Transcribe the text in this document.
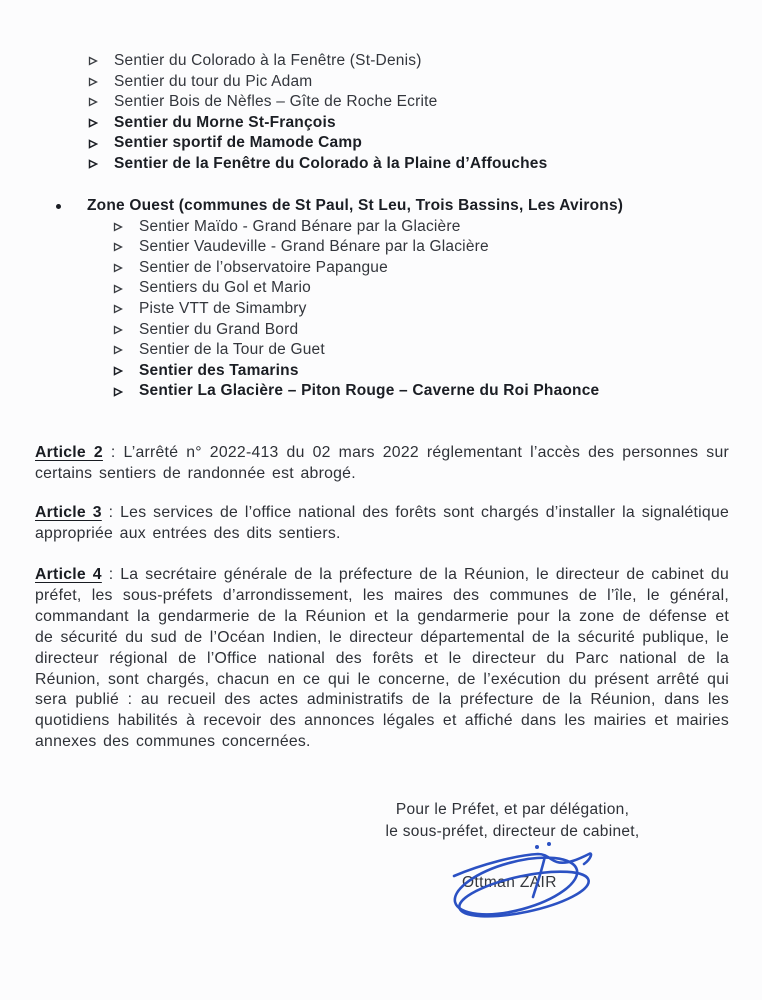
Sentier du Colorado à la Fenêtre (St-Denis)
Sentier du tour du Pic Adam
Sentier Bois de Nèfles – Gîte de Roche Ecrite
Sentier du Morne St-François
Sentier sportif de Mamode Camp
Sentier de la Fenêtre du Colorado à la Plaine d’Affouches
Zone Ouest (communes de St Paul, St Leu, Trois Bassins, Les Avirons)
Sentier Maïdo - Grand Bénare par la Glacière
Sentier Vaudeville - Grand Bénare par la Glacière
Sentier de l’observatoire Papangue
Sentiers du Gol et Mario
Piste VTT de Simambry
Sentier du Grand Bord
Sentier de la Tour de Guet
Sentier des Tamarins
Sentier La Glacière – Piton Rouge – Caverne du Roi Phaonce

Article 2 : L’arrêté n° 2022-413 du 02 mars 2022 réglementant l’accès des personnes sur certains sentiers de randonnée est abrogé.

Article 3 : Les services de l’office national des forêts sont chargés d’installer la signalétique appropriée aux entrées des dits sentiers.

Article 4 : La secrétaire générale de la préfecture de la Réunion, le directeur de cabinet du préfet, les sous-préfets d’arrondissement, les maires des communes de l’île, le général, commandant la gendarmerie de la Réunion et la gendarmerie pour la zone de défense et de sécurité du sud de l’Océan Indien, le directeur départemental de la sécurité publique, le directeur régional de l’Office national des forêts et le directeur du Parc national de la Réunion, sont chargés, chacun en ce qui le concerne, de l’exécution du présent arrêté qui sera publié : au recueil des actes administratifs de la préfecture de la Réunion, dans les quotidiens habilités à recevoir des annonces légales et affiché dans les mairies et mairies annexes des communes concernées.

Pour le Préfet, et par délégation,
le sous-préfet, directeur de cabinet,
Ottman ZAIR
